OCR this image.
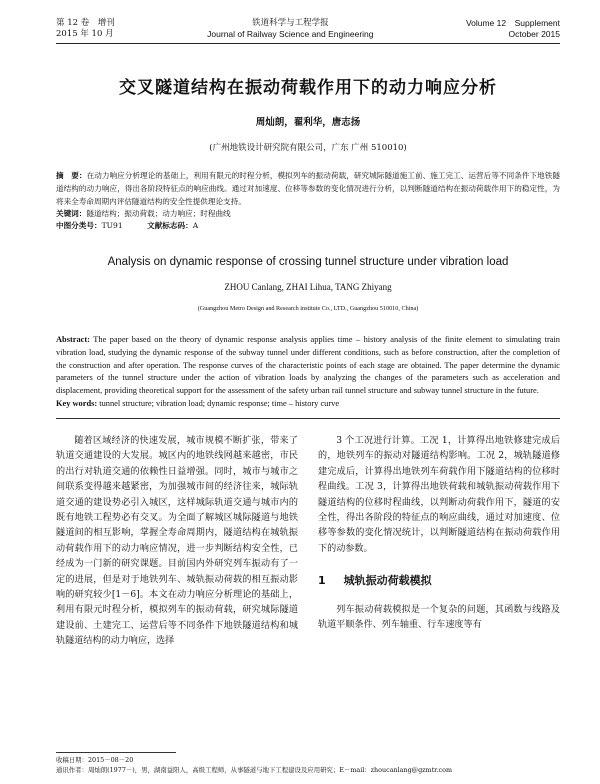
第 12 卷　增刊
2015 年 10 月
铁道科学与工程学报
Journal of Railway Science and Engineering
Volume 12　Supplement
October 2015
交叉隧道结构在振动荷载作用下的动力响应分析
周灿朗，翟利华，唐志扬
(广州地铁设计研究院有限公司，广东 广州 510010)
摘　要：在动力响应分析理论的基础上，利用有限元的时程分析，模拟列车的振动荷载，研究城际隧道施工前、施工完工、运营后等不同条件下地铁隧道结构的动力响应，得出各阶段特征点的响应曲线。通过对加速度、位移等参数的变化情况进行分析，以判断隧道结构在振动荷载作用下的稳定性，为将来全寿命周期内评估隧道结构的安全性提供理论支持。
关键词：隧道结构；振动荷载；动力响应；时程曲线
中图分类号：TU91	文献标志码：A
Analysis on dynamic response of crossing tunnel structure under vibration load
ZHOU Canlang, ZHAI Lihua, TANG Zhiyang
(Guangzhou Metro Design and Research institute Co., LTD., Guangzhou 510010, China)
Abstract: The paper based on the theory of dynamic response analysis applies time – history analysis of the finite element to simulating train vibration load, studying the dynamic response of the subway tunnel under different conditions, such as before construction, after the completion of the construction and after operation. The response curves of the characteristic points of each stage are obtained. The paper determine the dynamic parameters of the tunnel structure under the action of vibration loads by analyzing the changes of the parameters such as acceleration and displacement, providing theoretical support for the assessment of the safety urban rail tunnel structure and subway tunnel structure in the future.
Key words: tunnel structure; vibration load; dynamic response; time – history curve

随着区域经济的快速发展，城市规模不断扩张，带来了轨道交通建设的大发展。城区内的地铁线网越来越密，市民的出行对轨道交通的依赖性日益增强。同时，城市与城市之间联系变得越来越紧密，为加强城市间的经济往来，城际轨道交通的建设势必引入城区，这样城际轨道交通与城市内的既有地铁工程势必有交叉。为全面了解城区城际隧道与地铁隧道间的相互影响，掌握全寿命周期内，隧道结构在城轨振动荷载作用下的动力响应情况，进一步判断结构安全性，已经成为一门新的研究课题。目前国内外研究列车振动有了一定的进展，但是对于地铁列车、城轨振动荷载的相互振动影响的研究较少[1－6]。本文在动力响应分析理论的基础上，利用有限元时程分析，模拟列车的振动荷载，研究城际隧道建设前、土建完工、运营后等不同条件下地铁隧道结构和城轨隧道结构的动力响应，选择

3 个工况进行计算。工况 1，计算得出地铁修建完成后的，地铁列车的振动对隧道结构影响。工况 2，城轨隧道修建完成后，计算得出地铁列车荷载作用下隧道结构的位移时程曲线。工况 3，计算得出地铁荷载和城轨振动荷载作用下隧道结构的位移时程曲线，以判断动荷载作用下，隧道的安全性，得出各阶段的特征点的响应曲线，通过对加速度、位移等参数的变化情况统计，以判断隧道结构在振动荷载作用下的动参数。

1 城轨振动荷载模拟

列车振动荷载模拟是一个复杂的问题，其函数与线路及轨道平顺条件、列车轴重、行车速度等有

收稿日期：2015－08－20
通讯作者：周灿朗(1977－)，男，湖南益阳人，高级工程师，从事隧道与地下工程建设及应用研究；E－mail：zhoucanlang@gzmtr.com
